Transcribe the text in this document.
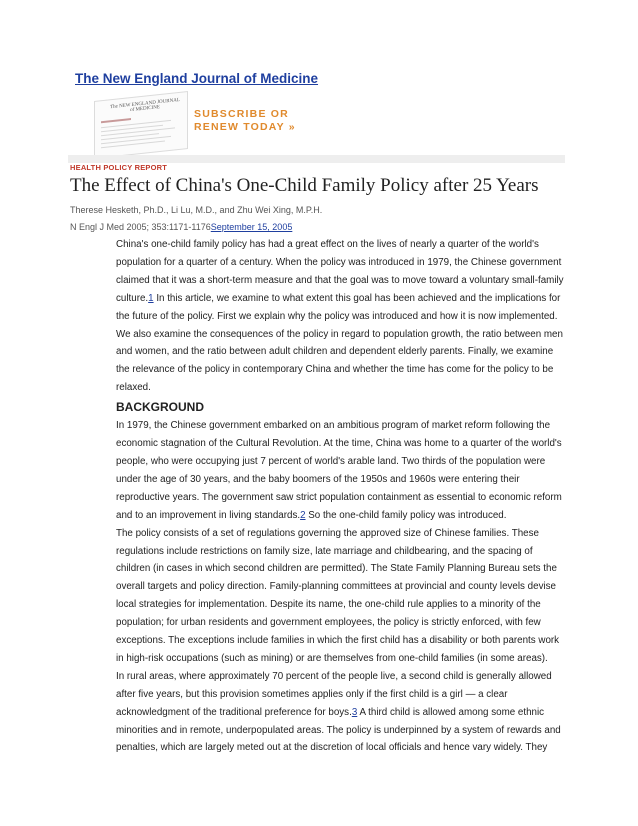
The New England Journal of Medicine
The NEW ENGLAND JOURNAL of MEDICINE	SUBSCRIBE OR
RENEW TODAY »
HEALTH POLICY REPORT
The Effect of China's One-Child Family Policy after 25 Years
Therese Hesketh, Ph.D., Li Lu, M.D., and Zhu Wei Xing, M.P.H.
N Engl J Med 2005; 353:1171-1176September 15, 2005

China's one-child family policy has had a great effect on the lives of nearly a quarter of the world's population for a quarter of a century. When the policy was introduced in 1979, the Chinese government claimed that it was a short-term measure and that the goal was to move toward a voluntary small-family culture.1 In this article, we examine to what extent this goal has been achieved and the implications for the future of the policy. First we explain why the policy was introduced and how it is now implemented. We also examine the consequences of the policy in regard to population growth, the ratio between men and women, and the ratio between adult children and dependent elderly parents. Finally, we examine the relevance of the policy in contemporary China and whether the time has come for the policy to be relaxed.

BACKGROUND

In 1979, the Chinese government embarked on an ambitious program of market reform following the economic stagnation of the Cultural Revolution. At the time, China was home to a quarter of the world's people, who were occupying just 7 percent of world's arable land. Two thirds of the population were under the age of 30 years, and the baby boomers of the 1950s and 1960s were entering their reproductive years. The government saw strict population containment as essential to economic reform and to an improvement in living standards.2 So the one-child family policy was introduced.

The policy consists of a set of regulations governing the approved size of Chinese families. These regulations include restrictions on family size, late marriage and childbearing, and the spacing of children (in cases in which second children are permitted). The State Family Planning Bureau sets the overall targets and policy direction. Family-planning committees at provincial and county levels devise local strategies for implementation. Despite its name, the one-child rule applies to a minority of the population; for urban residents and government employees, the policy is strictly enforced, with few exceptions. The exceptions include families in which the first child has a disability or both parents work in high-risk occupations (such as mining) or are themselves from one-child families (in some areas).

In rural areas, where approximately 70 percent of the people live, a second child is generally allowed after five years, but this provision sometimes applies only if the first child is a girl — a clear acknowledgment of the traditional preference for boys.3 A third child is allowed among some ethnic minorities and in remote, underpopulated areas. The policy is underpinned by a system of rewards and penalties, which are largely meted out at the discretion of local officials and hence vary widely. They
